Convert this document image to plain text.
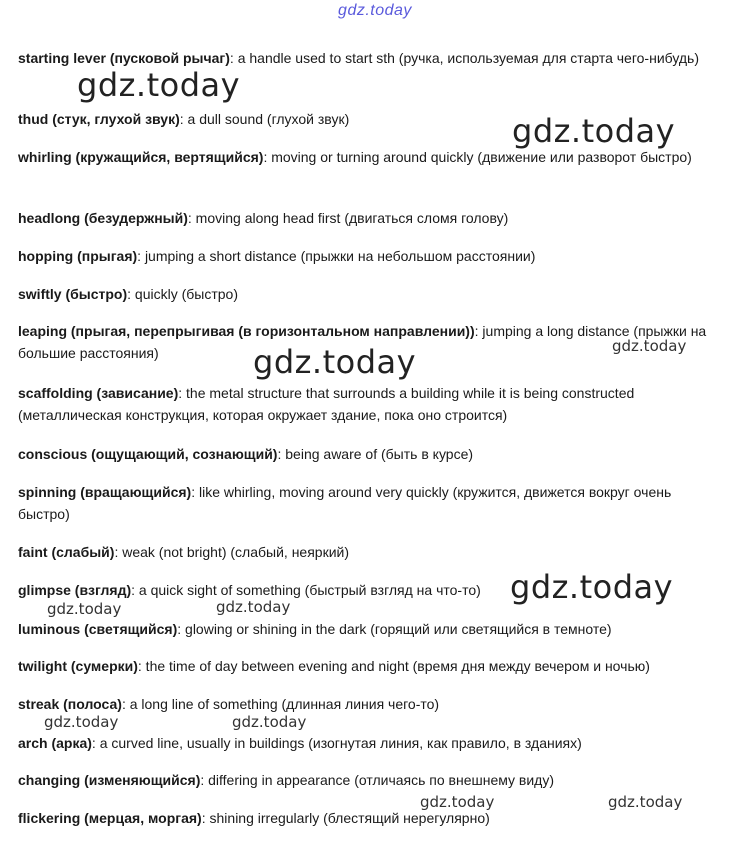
gdz.today
starting lever (пусковой рычаг): a handle used to start sth (ручка, используемая для старта чего-нибудь)
thud (стук, глухой звук): a dull sound (глухой звук)
whirling (кружащийся, вертящийся): moving or turning around quickly (движение или разворот быстро)
headlong (безудержный): moving along head first (двигаться сломя голову)
hopping (прыгая): jumping a short distance (прыжки на небольшом расстоянии)
swiftly (быстро): quickly (быстро)
leaping (прыгая, перепрыгивая (в горизонтальном направлении)): jumping a long distance (прыжки на большие расстояния)
scaffolding (зависание): the metal structure that surrounds a building while it is being constructed (металлическая конструкция, которая окружает здание, пока оно строится)
conscious (ощущающий, сознающий): being aware of (быть в курсе)
spinning (вращающийся): like whirling, moving around very quickly (кружится, движется вокруг очень быстро)
faint (слабый): weak (not bright) (слабый, неяркий)
glimpse (взгляд): a quick sight of something (быстрый взгляд на что-то)
luminous (светящийся): glowing or shining in the dark (горящий или светящийся в темноте)
twilight (сумерки): the time of day between evening and night (время дня между вечером и ночью)
streak (полоса): a long line of something (длинная линия чего-то)
arch (арка): a curved line, usually in buildings (изогнутая линия, как правило, в зданиях)
changing (изменяющийся): differing in appearance (отличаясь по внешнему виду)
flickering (мерцая, моргая): shining irregularly (блестящий нерегулярно)
gdz.today
gdz.today
gdz.today	gdz.today
gdz.today
gdz.today	gdz.today
gdz.today	gdz.today
gdz.today	gdz.today
